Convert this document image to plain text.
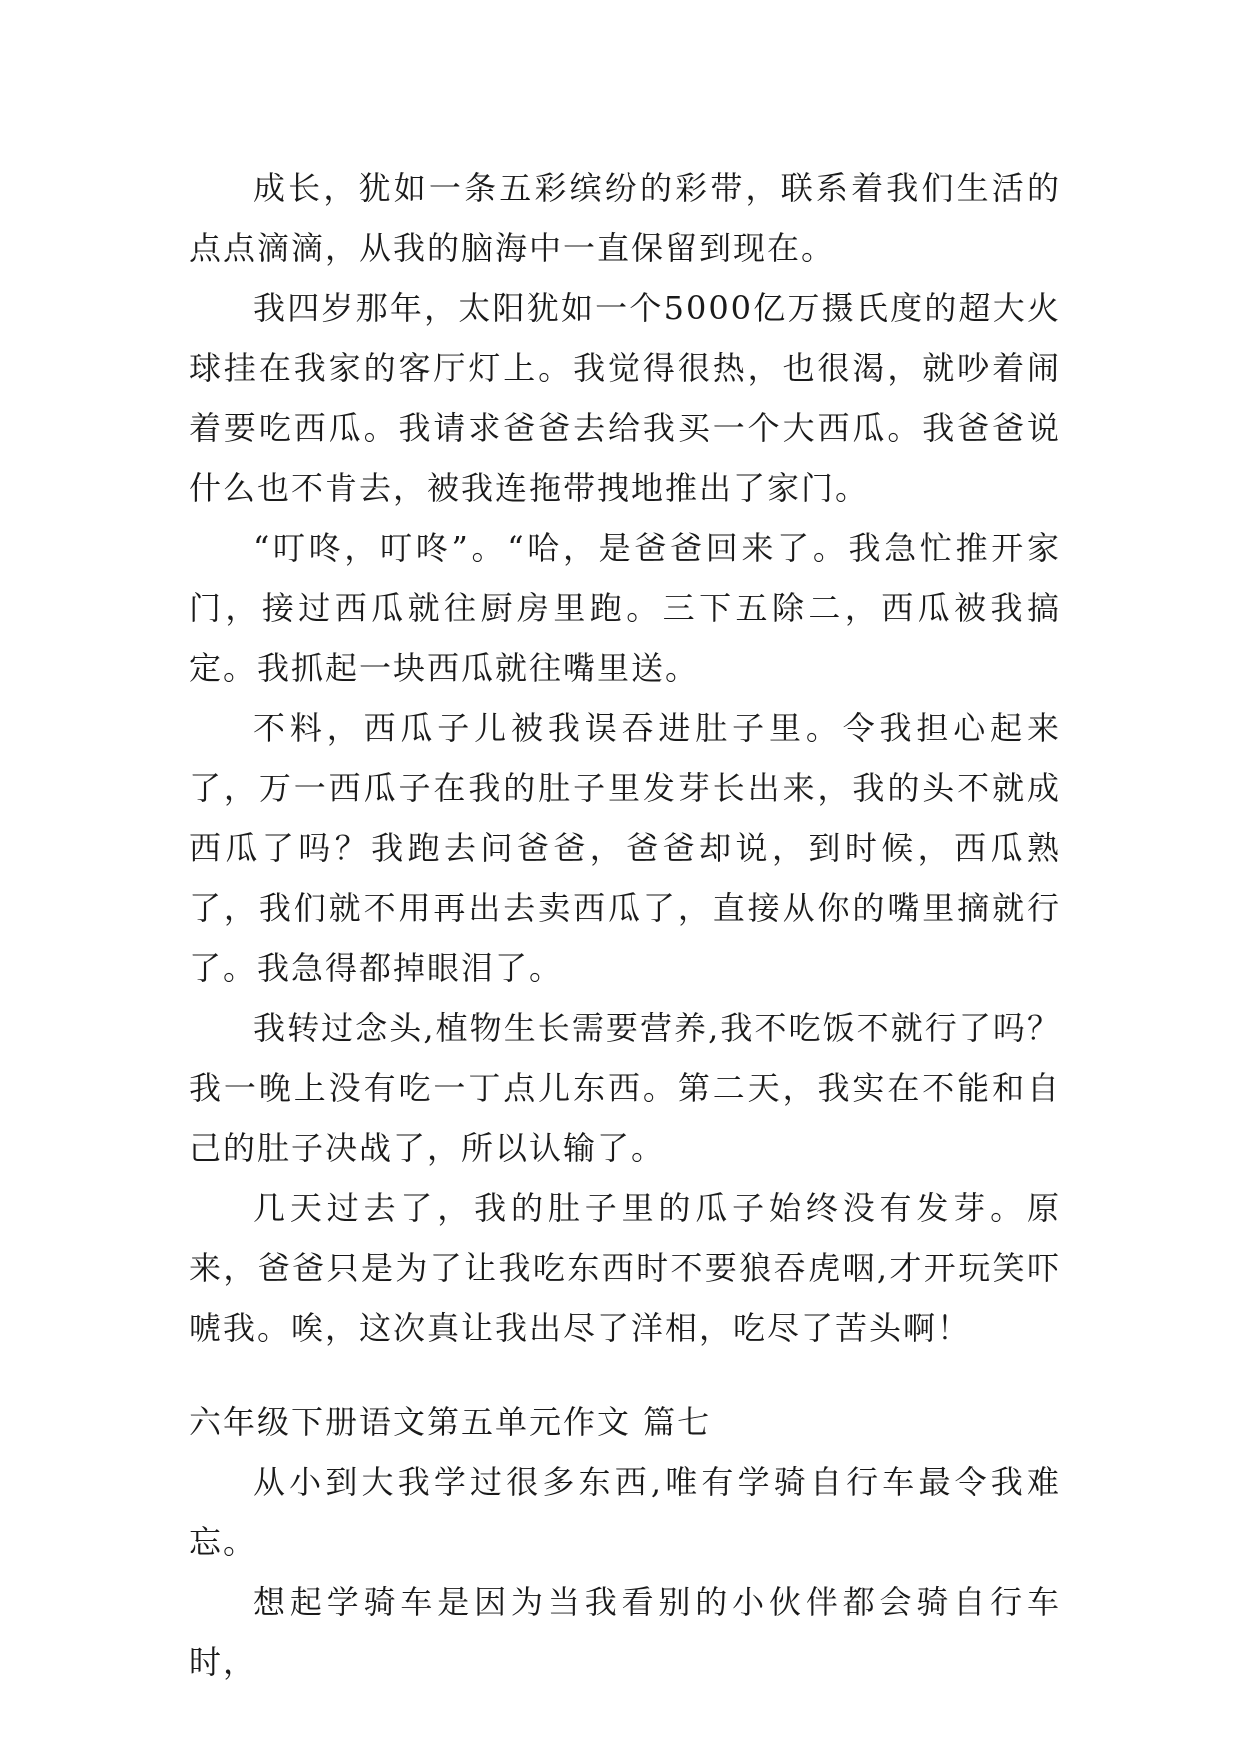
成长，犹如一条五彩缤纷的彩带，联系着我们生活的点点滴滴，从我的脑海中一直保留到现在。

我四岁那年，太阳犹如一个5000亿万摄氏度的超大火球挂在我家的客厅灯上。我觉得很热，也很渴，就吵着闹着要吃西瓜。我请求爸爸去给我买一个大西瓜。我爸爸说什么也不肯去，被我连拖带拽地推出了家门。

“叮咚，叮咚”。“哈，是爸爸回来了。我急忙推开家门，接过西瓜就往厨房里跑。三下五除二，西瓜被我搞定。我抓起一块西瓜就往嘴里送。

不料，西瓜子儿被我误吞进肚子里。令我担心起来了，万一西瓜子在我的肚子里发芽长出来，我的头不就成西瓜了吗？我跑去问爸爸，爸爸却说，到时候，西瓜熟了，我们就不用再出去卖西瓜了，直接从你的嘴里摘就行了。我急得都掉眼泪了。

我转过念头,植物生长需要营养,我不吃饭不就行了吗？我一晚上没有吃一丁点儿东西。第二天，我实在不能和自己的肚子决战了，所以认输了。

几天过去了，我的肚子里的瓜子始终没有发芽。原来，爸爸只是为了让我吃东西时不要狼吞虎咽,才开玩笑吓唬我。唉，这次真让我出尽了洋相，吃尽了苦头啊！

六年级下册语文第五单元作文 篇七

从小到大我学过很多东西,唯有学骑自行车最令我难忘。

想起学骑车是因为当我看别的小伙伴都会骑自行车时，
